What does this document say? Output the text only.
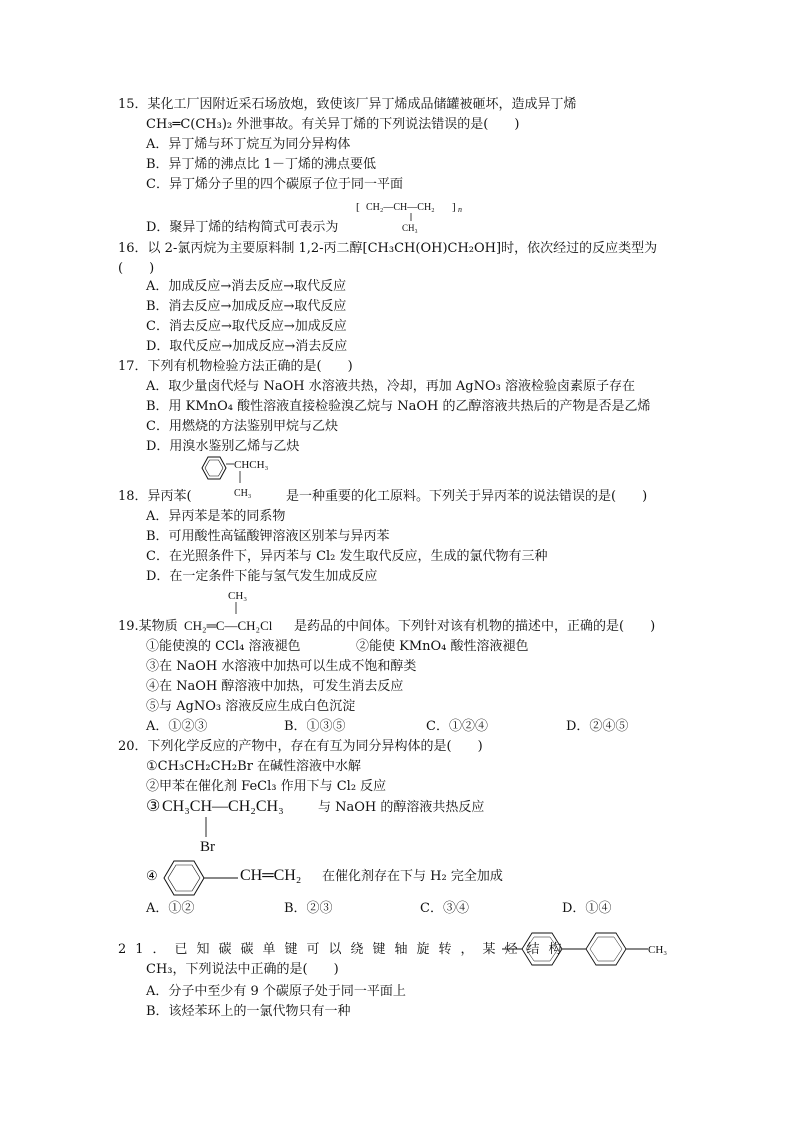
15．某化工厂因附近采石场放炮，致使该厂异丁烯成品储罐被砸坏，造成异丁烯
CH₃═C(CH₃)₂ 外泄事故。有关异丁烯的下列说法错误的是(　　)
A．异丁烯与环丁烷互为同分异构体
B．异丁烯的沸点比 1－丁烯的沸点要低
C．异丁烯分子里的四个碳原子位于同一平面
D．聚异丁烯的结构简式可表示为
[ CH₂—CH—CH₂ ] n
CH₃
16．以 2-氯丙烷为主要原料制 1,2-丙二醇[CH₃CH(OH)CH₂OH]时，依次经过的反应类型为
(　　)
A．加成反应→消去反应→取代反应
B．消去反应→加成反应→取代反应
C．消去反应→取代反应→加成反应
D．取代反应→加成反应→消去反应
17．下列有机物检验方法正确的是(　　)
A．取少量卤代烃与 NaOH 水溶液共热，冷却，再加 AgNO₃ 溶液检验卤素原子存在
B．用 KMnO₄ 酸性溶液直接检验溴乙烷与 NaOH 的乙醇溶液共热后的产物是否是乙烯
C．用燃烧的方法鉴别甲烷与乙炔
D．用溴水鉴别乙烯与乙炔
CHCH₃
CH₃
18．异丙苯(	是一种重要的化工原料。下列关于异丙苯的说法错误的是(　　)
A．异丙苯是苯的同系物
B．可用酸性高锰酸钾溶液区别苯与异丙苯
C．在光照条件下，异丙苯与 Cl₂ 发生取代反应，生成的氯代物有三种
D．在一定条件下能与氢气发生加成反应
CH₃
19.某物质 CH₂═C—CH₂Cl 是药品的中间体。下列针对该有机物的描述中，正确的是(　　)
①能使溴的 CCl₄ 溶液褪色	②能使 KMnO₄ 酸性溶液褪色
③在 NaOH 水溶液中加热可以生成不饱和醇类
④在 NaOH 醇溶液中加热，可发生消去反应
⑤与 AgNO₃ 溶液反应生成白色沉淀
A．①②③	B．①③⑤	C．①②④	D．②④⑤
20．下列化学反应的产物中，存在有互为同分异构体的是(　　)
①CH₃CH₂CH₂Br 在碱性溶液中水解
②甲苯在催化剂 FeCl₃ 作用下与 Cl₂ 反应
③ CH₃CH—CH₂CH₃	与 NaOH 的醇溶液共热反应
Br
④	CH═CH₂ 在催化剂存在下与 H₂ 完全加成
A．①②	B．②③	C．③④	D．①④
21．已知碳碳单键可以绕键轴旋转，某烃结构	CH₃
CH₃，下列说法中正确的是(　　)
A．分子中至少有 9 个碳原子处于同一平面上
B．该烃苯环上的一氯代物只有一种
